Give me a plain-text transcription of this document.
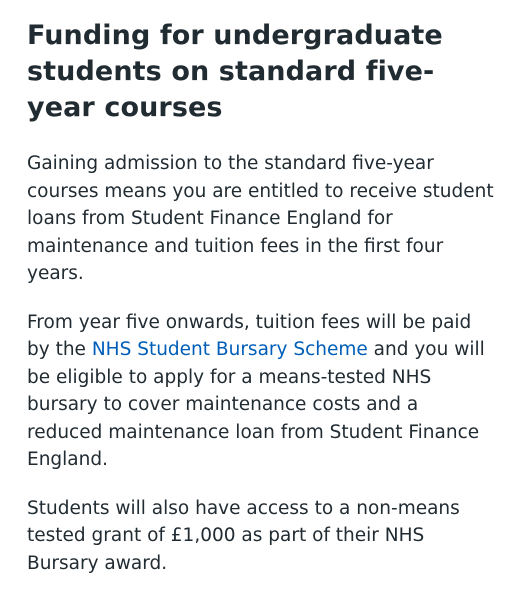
Funding for undergraduate students on standard five-year courses

Gaining admission to the standard five-year courses means you are entitled to receive student loans from Student Finance England for maintenance and tuition fees in the first four years.

From year five onwards, tuition fees will be paid by the NHS Student Bursary Scheme and you will be eligible to apply for a means-tested NHS bursary to cover maintenance costs and a reduced maintenance loan from Student Finance England.

Students will also have access to a non-means tested grant of £1,000 as part of their NHS Bursary award.
